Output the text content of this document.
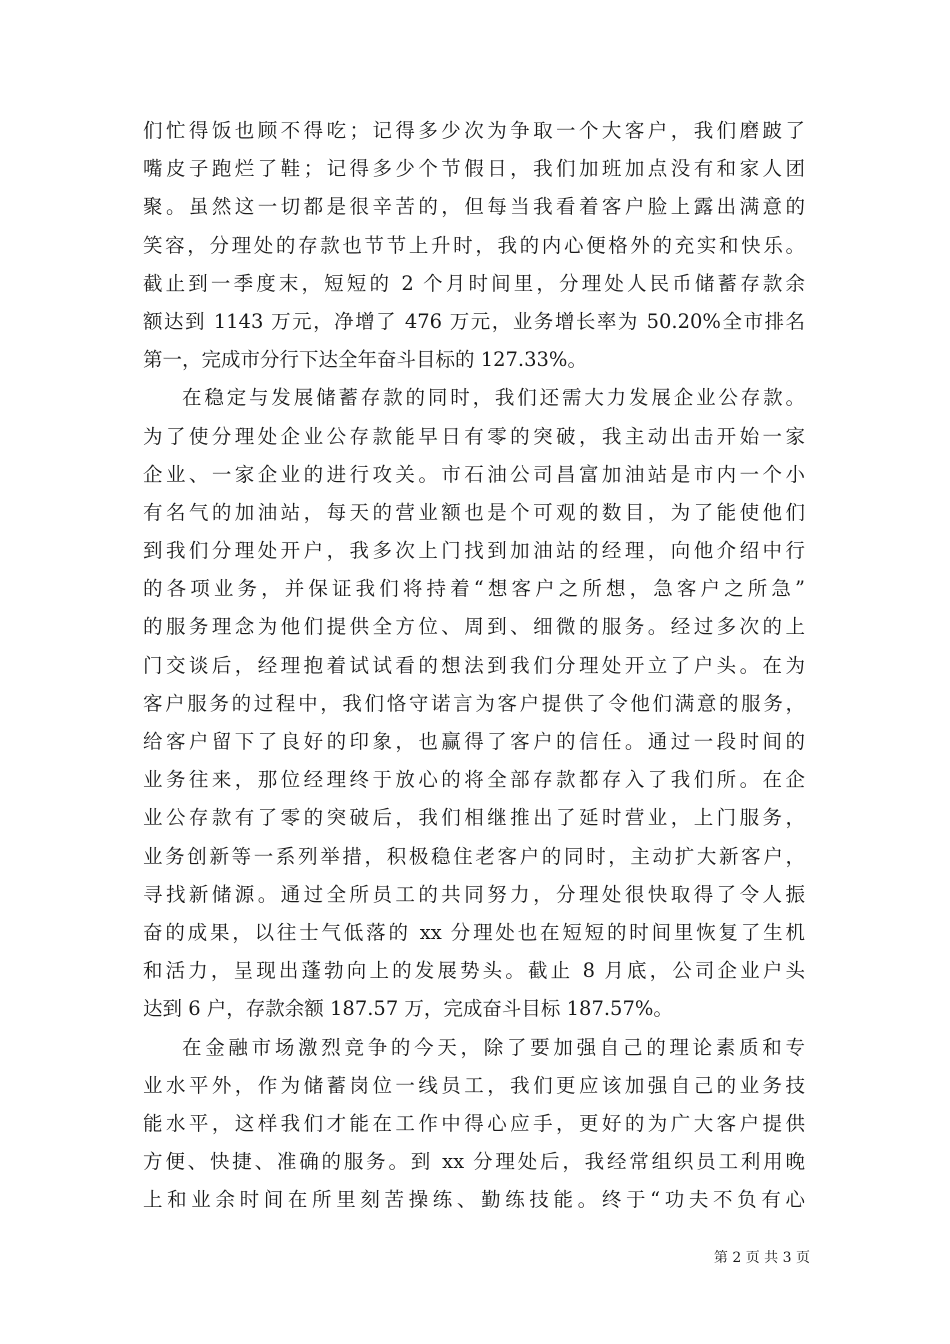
们忙得饭也顾不得吃；记得多少次为争取一个大客户，我们磨跛了
嘴皮子跑烂了鞋；记得多少个节假日，我们加班加点没有和家人团
聚。虽然这一切都是很辛苦的，但每当我看着客户脸上露出满意的
笑容，分理处的存款也节节上升时，我的内心便格外的充实和快乐。
截止到一季度末，短短的 2 个月时间里，分理处人民币储蓄存款余
额达到 1143 万元，净增了 476 万元，业务增长率为 50.20%全市排名
第一，完成市分行下达全年奋斗目标的 127.33%。
在稳定与发展储蓄存款的同时，我们还需大力发展企业公存款。
为了使分理处企业公存款能早日有零的突破，我主动出击开始一家
企业、一家企业的进行攻关。市石油公司昌富加油站是市内一个小
有名气的加油站，每天的营业额也是个可观的数目，为了能使他们
到我们分理处开户，我多次上门找到加油站的经理，向他介绍中行
的各项业务，并保证我们将持着“想客户之所想，急客户之所急”
的服务理念为他们提供全方位、周到、细微的服务。经过多次的上
门交谈后，经理抱着试试看的想法到我们分理处开立了户头。在为
客户服务的过程中，我们恪守诺言为客户提供了令他们满意的服务，
给客户留下了良好的印象，也赢得了客户的信任。通过一段时间的
业务往来，那位经理终于放心的将全部存款都存入了我们所。在企
业公存款有了零的突破后，我们相继推出了延时营业，上门服务，
业务创新等一系列举措，积极稳住老客户的同时，主动扩大新客户，
寻找新储源。通过全所员工的共同努力，分理处很快取得了令人振
奋的成果，以往士气低落的 xx 分理处也在短短的时间里恢复了生机
和活力，呈现出蓬勃向上的发展势头。截止 8 月底，公司企业户头
达到 6 户，存款余额 187.57 万，完成奋斗目标 187.57%。
在金融市场激烈竞争的今天，除了要加强自己的理论素质和专
业水平外，作为储蓄岗位一线员工，我们更应该加强自己的业务技
能水平，这样我们才能在工作中得心应手，更好的为广大客户提供
方便、快捷、准确的服务。到 xx 分理处后，我经常组织员工利用晚
上和业余时间在所里刻苦操练、勤练技能。终于“功夫不负有心
第 2 页 共 3 页
